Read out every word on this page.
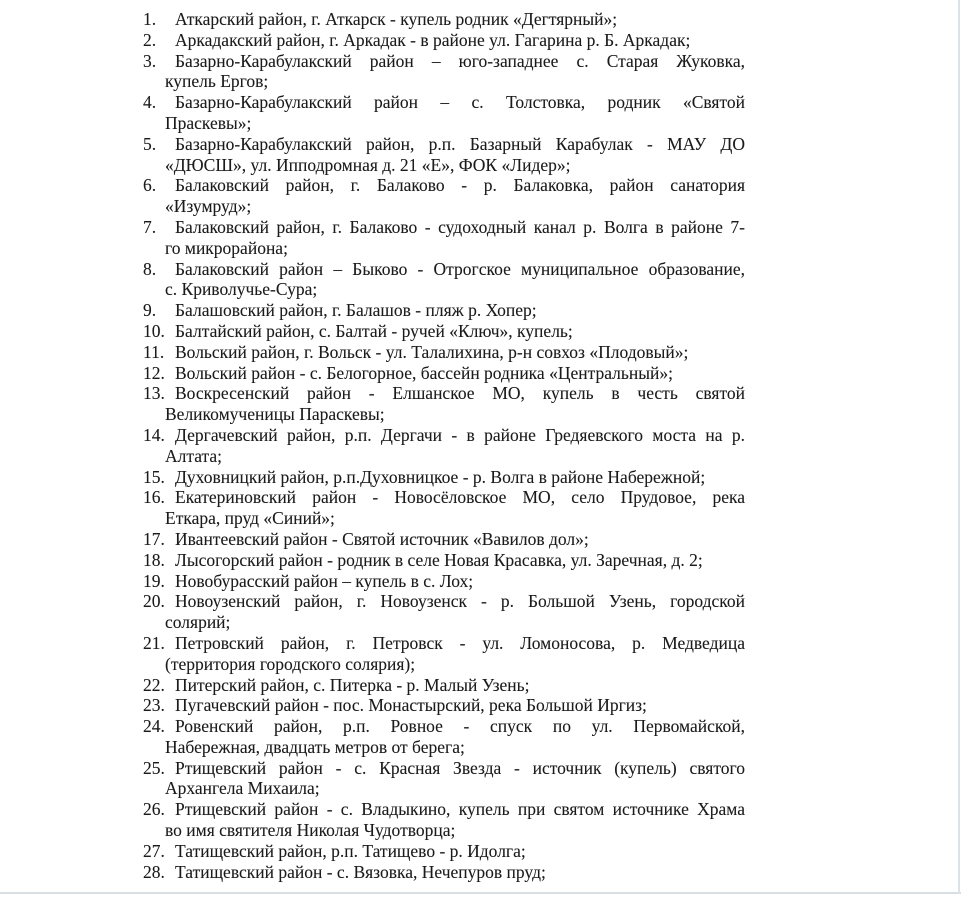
1. Аткарский район, г. Аткарск - купель родник «Дегтярный»;
2. Аркадакский район, г. Аркадак - в районе ул. Гагарина р. Б. Аркадак;
3. Базарно-Карабулакский район – юго-западнее с. Старая Жуковка,
купель Ергов;
4. Базарно-Карабулакский район – с. Толстовка, родник «Святой
Праскевы»;
5. Базарно-Карабулакский район, р.п. Базарный Карабулак - МАУ ДО
«ДЮСШ», ул. Ипподромная д. 21 «Е», ФОК «Лидер»;
6. Балаковский район, г. Балаково - р. Балаковка, район санатория
«Изумруд»;
7. Балаковский район, г. Балаково - судоходный канал р. Волга в районе 7-
го микрорайона;
8. Балаковский район – Быково - Отрогское муниципальное образование,
с. Криволучье-Сура;
9. Балашовский район, г. Балашов - пляж р. Хопер;
10. Балтайский район, с. Балтай - ручей «Ключ», купель;
11. Вольский район, г. Вольск - ул. Талалихина, р-н совхоз «Плодовый»;
12. Вольский район - с. Белогорное, бассейн родника «Центральный»;
13. Воскресенский район - Елшанское МО, купель в честь святой
Великомученицы Параскевы;
14. Дергачевский район, р.п. Дергачи - в районе Гредяевского моста на р.
Алтата;
15. Духовницкий район, р.п.Духовницкое - р. Волга в районе Набережной;
16. Екатериновский район - Новосёловское МО, село Прудовое, река
Еткара, пруд «Синий»;
17. Ивантеевский район - Святой источник «Вавилов дол»;
18. Лысогорский район - родник в селе Новая Красавка, ул. Заречная, д. 2;
19. Новобурасский район – купель в с. Лох;
20. Новоузенский район, г. Новоузенск - р. Большой Узень, городской
солярий;
21. Петровский район, г. Петровск - ул. Ломоносова, р. Медведица
(территория городского солярия);
22. Питерский район, с. Питерка - р. Малый Узень;
23. Пугачевский район - пос. Монастырский, река Большой Иргиз;
24. Ровенский район, р.п. Ровное - спуск по ул. Первомайской,
Набережная, двадцать метров от берега;
25. Ртищевский район - с. Красная Звезда - источник (купель) святого
Архангела Михаила;
26. Ртищевский район - с. Владыкино, купель при святом источнике Храма
во имя святителя Николая Чудотворца;
27. Татищевский район, р.п. Татищево - р. Идолга;
28. Татищевский район - с. Вязовка, Нечепуров пруд;
